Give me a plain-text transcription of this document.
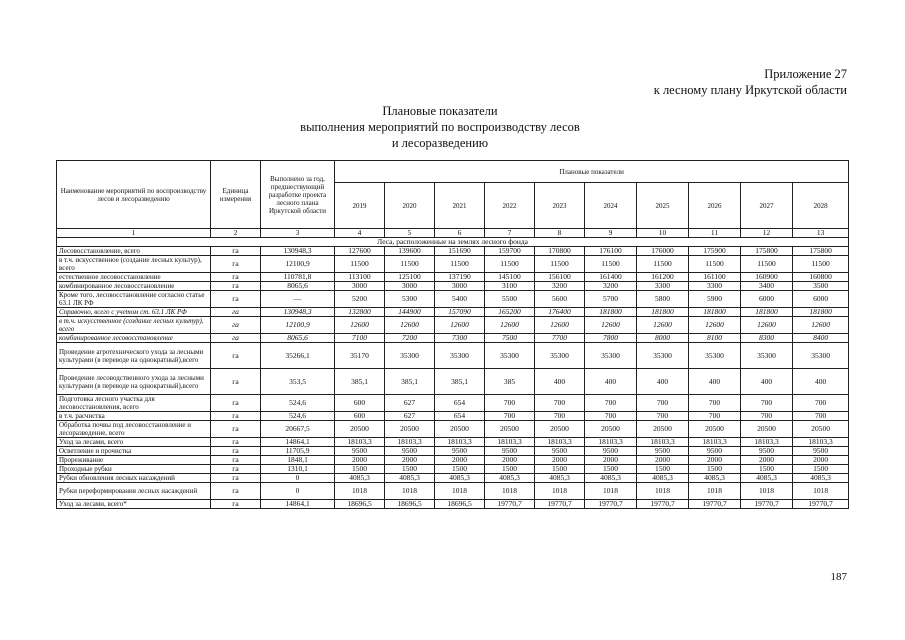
Приложение 27
к лесному плану Иркутской области
Плановые показатели
выполнения мероприятий по воспроизводству лесов
и лесоразведению
Наименование мероприятий по воспроизводству лесов и лесоразведению	Единица измерения	Выполнено за год, предшествующий разработке проекта лесного плана Иркутской области	Плановые показатели									
			2019	2020	2021	2022	2023	2024	2025	2026	2027	2028
1	2	3	4	5	6	7	8	9	10	11	12	13
Леса, расположенные на землях лесного фонда												
Лесовосстановление, всего	га	130948,3	127600	139600	151690	159700	170800	176100	176000	175900	175800	175800
в т.ч. искусственное (создание лесных культур), всего	га	12100,9	11500	11500	11500	11500	11500	11500	11500	11500	11500	11500
естественное лесовосстановление	га	110781,8	113100	125100	137190	145100	156100	161400	161200	161100	160900	160800
комбинированное лесовосстановление	га	8065,6	3000	3000	3000	3100	3200	3200	3300	3300	3400	3500
Кроме того, лесовосстановление согласно статье 63.1 ЛК РФ	га	—	5200	5300	5400	5500	5600	5700	5800	5900	6000	6000
Справочно, всего с учетом ст. 63.1 ЛК РФ	га	130948,3	132800	144900	157090	165200	176400	181800	181800	181800	181800	181800
в т.ч. искусственное (создание лесных культур), всего	га	12100,9	12600	12600	12600	12600	12600	12600	12600	12600	12600	12600
комбинированное лесовосстановление	га	8065,6	7100	7200	7300	7500	7700	7800	8000	8100	8300	8400
Проведение агротехнического ухода за лесными культурами (в переводе на однократный),всего	га	35266,1	35170	35300	35300	35300	35300	35300	35300	35300	35300	35300
Проведение лесоводственного ухода за лесными культурами (в переводе на однократный),всего	га	353,5	385,1	385,1	385,1	385	400	400	400	400	400	400
Подготовка лесного участка для лесовосстановления, всего	га	524,6	600	627	654	700	700	700	700	700	700	700
в т.ч. расчистка	га	524,6	600	627	654	700	700	700	700	700	700	700
Обработка почвы под лесовосстановление и лесоразведение, всего	га	20667,5	20500	20500	20500	20500	20500	20500	20500	20500	20500	20500
Уход за лесами, всего	га	14864,1	18103,3	18103,3	18103,3	18103,3	18103,3	18103,3	18103,3	18103,3	18103,3	18103,3
Осветление и прочистка	га	11705,9	9500	9500	9500	9500	9500	9500	9500	9500	9500	9500
Прореживание	га	1848,1	2000	2000	2000	2000	2000	2000	2000	2000	2000	2000
Проходные рубки	га	1310,1	1500	1500	1500	1500	1500	1500	1500	1500	1500	1500
Рубки обновления лесных насаждений	га	0	4085,3	4085,3	4085,3	4085,3	4085,3	4085,3	4085,3	4085,3	4085,3	4085,3
Рубки переформирования лесных насаждений	га	0	1018	1018	1018	1018	1018	1018	1018	1018	1018	1018
Уход за лесами, всего*	га	14864,1	18696,5	18696,5	18696,5	19770,7	19770,7	19770,7	19770,7	19770,7	19770,7	19770,7
187
